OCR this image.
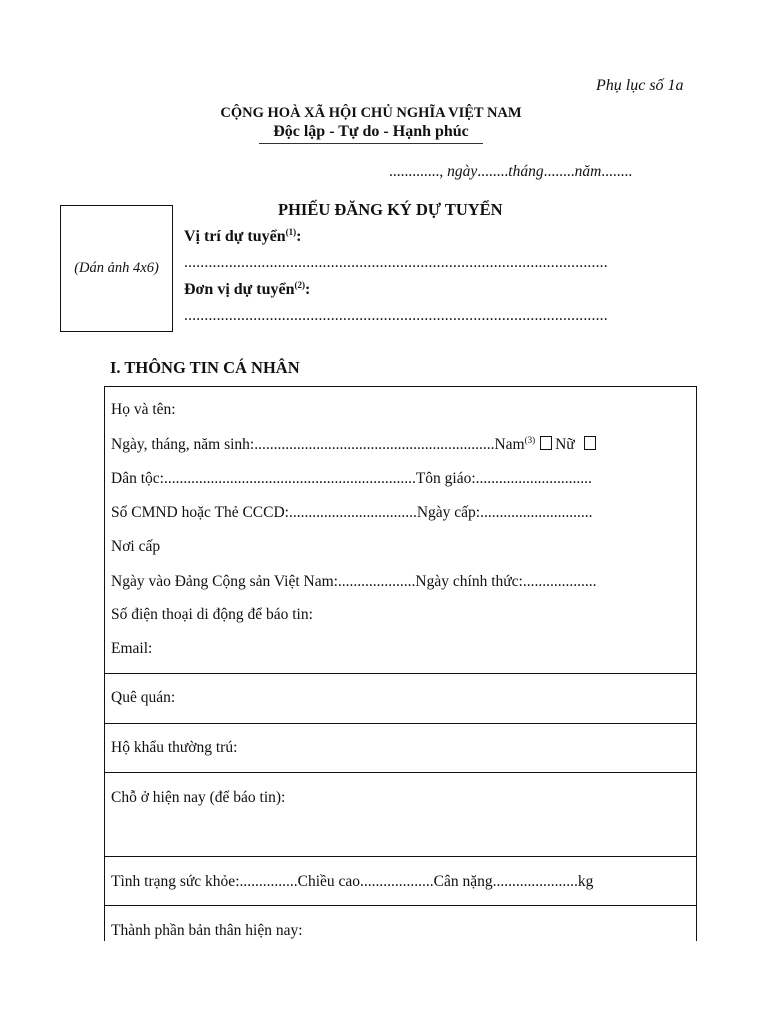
Phụ lục số 1a
CỘNG HOÀ XÃ HỘI CHỦ NGHĨA VIỆT NAM
Độc lập - Tự do - Hạnh phúc
............., ngày........tháng........năm........
(Dán ảnh 4x6)
PHIẾU ĐĂNG KÝ DỰ TUYỂN
Vị trí dự tuyển$^{(1)}$:
........................................................................................................
Đơn vị dự tuyển$^{(2)}$:
........................................................................................................
I. THÔNG TIN CÁ NHÂN
Họ và tên:
Ngày, tháng, năm sinh:..............................................................Nam$^{(3)}$ Nữ
Dân tộc:.................................................................Tôn giáo:..............................
Số CMND hoặc Thẻ CCCD:.................................Ngày cấp:.............................
Nơi cấp
Ngày vào Đảng Cộng sản Việt Nam:....................Ngày chính thức:...................
Số điện thoại di động để báo tin:
Email:
Quê quán:
Hộ khẩu thường trú:
Chỗ ở hiện nay (để báo tin):
Tình trạng sức khỏe:...............Chiều cao...................Cân nặng......................kg
Thành phần bản thân hiện nay:
